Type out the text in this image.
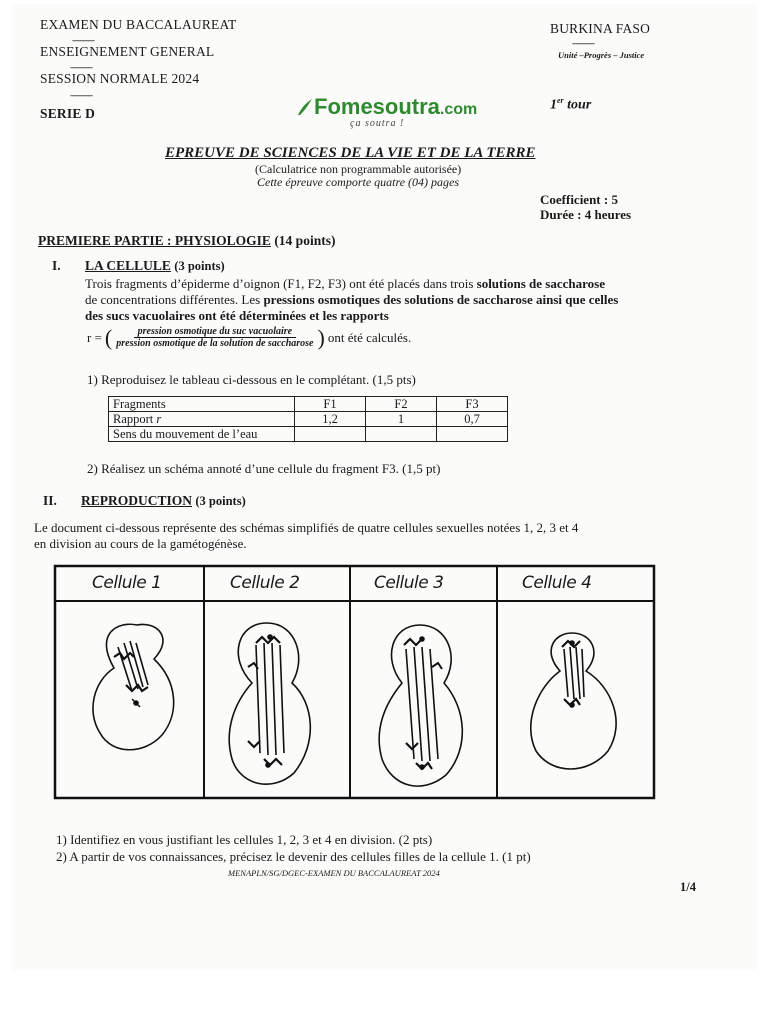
EXAMEN DU BACCALAUREAT
-----------
ENSEIGNEMENT GENERAL
-----------
SESSION NORMALE 2024
-----------
SERIE D
BURKINA FASO
-----------
Unité –Progrès – Justice
1er tour
Fomesoutra.com
ça soutra !
EPREUVE DE SCIENCES DE LA VIE ET DE LA TERRE
(Calculatrice non programmable autorisée)
Cette épreuve comporte quatre (04) pages
Coefficient : 5
Durée : 4 heures
PREMIERE PARTIE : PHYSIOLOGIE (14 points)
I. LA CELLULE (3 points)

Trois fragments d’épiderme d’oignon (F1, F2, F3) ont été placés dans trois solutions de saccharose

de concentrations différentes. Les pressions osmotiques des solutions de saccharose ainsi que celles

des sucs vacuolaires ont été déterminées et les rapports

r = ( $\frac{\text{pression osmotique du suc vacuolaire}}{\text{pression osmotique de la solution de saccharose}}$ ) ont été calculés.
1) Reproduisez le tableau ci-dessous en le complétant. (1,5 pts)
Fragments	F1	F2	F3
Rapport r	1,2	1	0,7
Sens du mouvement de l’eau			
2) Réalisez un schéma annoté d’une cellule du fragment F3. (1,5 pt)
II. REPRODUCTION (3 points)

Le document ci-dessous représente des schémas simplifiés de quatre cellules sexuelles notées 1, 2, 3 et 4

en division au cours de la gamétogénèse.

Cellule 1	Cellule 2	Cellule 3	Cellule 4
1) Identifiez en vous justifiant les cellules 1, 2, 3 et 4 en division. (2 pts)
2) A partir de vos connaissances, précisez le devenir des cellules filles de la cellule 1. (1 pt)
MENAPLN/SG/DGEC-EXAMEN DU BACCALAUREAT 2024
1/4
